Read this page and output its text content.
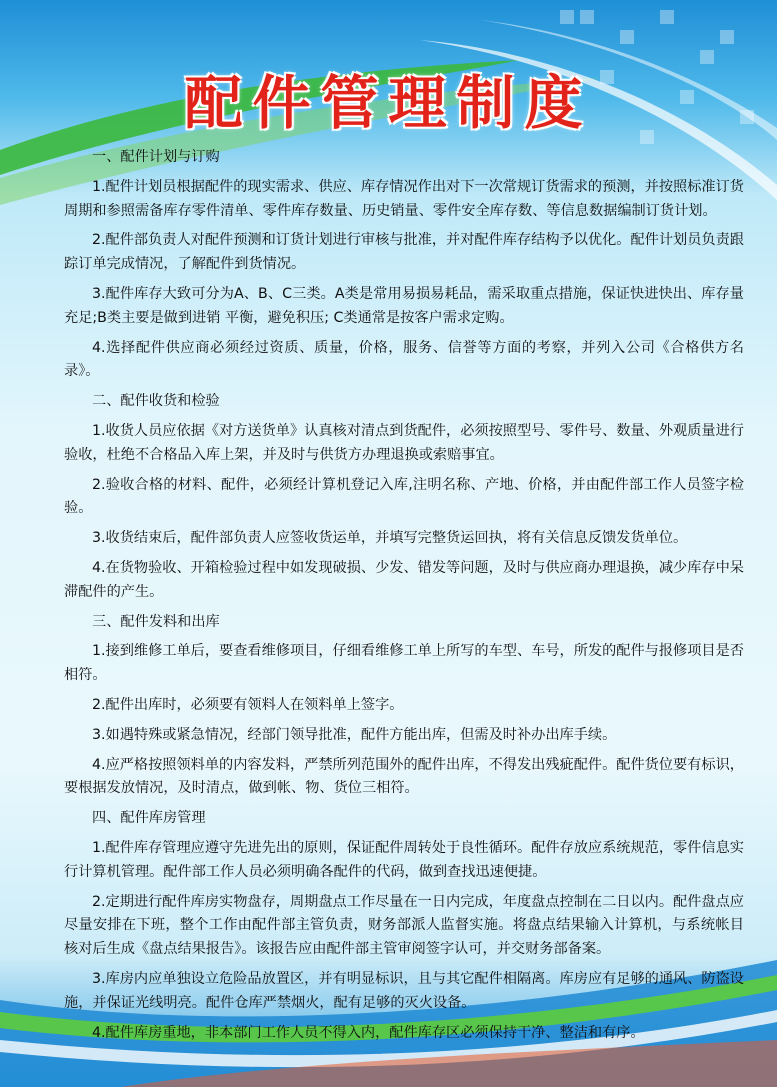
配件管理制度

一、配件计划与订购

1.配件计划员根据配件的现实需求、供应、库存情况作出对下一次常规订货需求的预测，并按照标准订货周期和参照需备库存零件清单、零件库存数量、历史销量、零件安全库存数、等信息数据编制订货计划。

2.配件部负责人对配件预测和订货计划进行审核与批准，并对配件库存结构予以优化。配件计划员负责跟踪订单完成情况，了解配件到货情况。

3.配件库存大致可分为A、B、C三类。A类是常用易损易耗品，需采取重点措施，保证快进快出、库存量充足;B类主要是做到进销 平衡，避免积压; C类通常是按客户需求定购。

4.选择配件供应商必须经过资质、质量，价格，服务、信誉等方面的考察，并列入公司《合格供方名录》。

二、配件收货和检验

1.收货人员应依据《对方送货单》认真核对清点到货配件，必须按照型号、零件号、数量、外观质量进行验收，杜绝不合格品入库上架，并及时与供货方办理退换或索赔事宜。

2.验收合格的材料、配件，必须经计算机登记入库,注明名称、产地、价格，并由配件部工作人员签字检验。

3.收货结束后，配件部负责人应签收货运单，并填写完整货运回执，将有关信息反馈发货单位。

4.在货物验收、开箱检验过程中如发现破损、少发、错发等问题，及时与供应商办理退换，减少库存中呆滞配件的产生。

三、配件发料和出库

1.接到维修工单后，要查看维修项目，仔细看维修工单上所写的车型、车号，所发的配件与报修项目是否相符。

2.配件出库时，必须要有领料人在领料单上签字。

3.如遇特殊或紧急情况，经部门领导批准，配件方能出库，但需及时补办出库手续。

4.应严格按照领料单的内容发料，严禁所列范围外的配件出库，不得发出残疵配件。配件货位要有标识，要根据发放情况，及时清点，做到帐、物、货位三相符。

四、配件库房管理

1.配件库存管理应遵守先进先出的原则，保证配件周转处于良性循环。配件存放应系统规范，零件信息实行计算机管理。配件部工作人员必须明确各配件的代码，做到查找迅速便捷。

2.定期进行配件库房实物盘存，周期盘点工作尽量在一日内完成，年度盘点控制在二日以内。配件盘点应尽量安排在下班，整个工作由配件部主管负责，财务部派人监督实施。将盘点结果输入计算机，与系统帐目核对后生成《盘点结果报告》。该报告应由配件部主管审阅签字认可，并交财务部备案。

3.库房内应单独设立危险品放置区，并有明显标识，且与其它配件相隔离。库房应有足够的通风、防盗设施，并保证光线明亮。配件仓库严禁烟火，配有足够的灭火设备。

4.配件库房重地，非本部门工作人员不得入内，配件库存区必须保持干净、整洁和有序。
